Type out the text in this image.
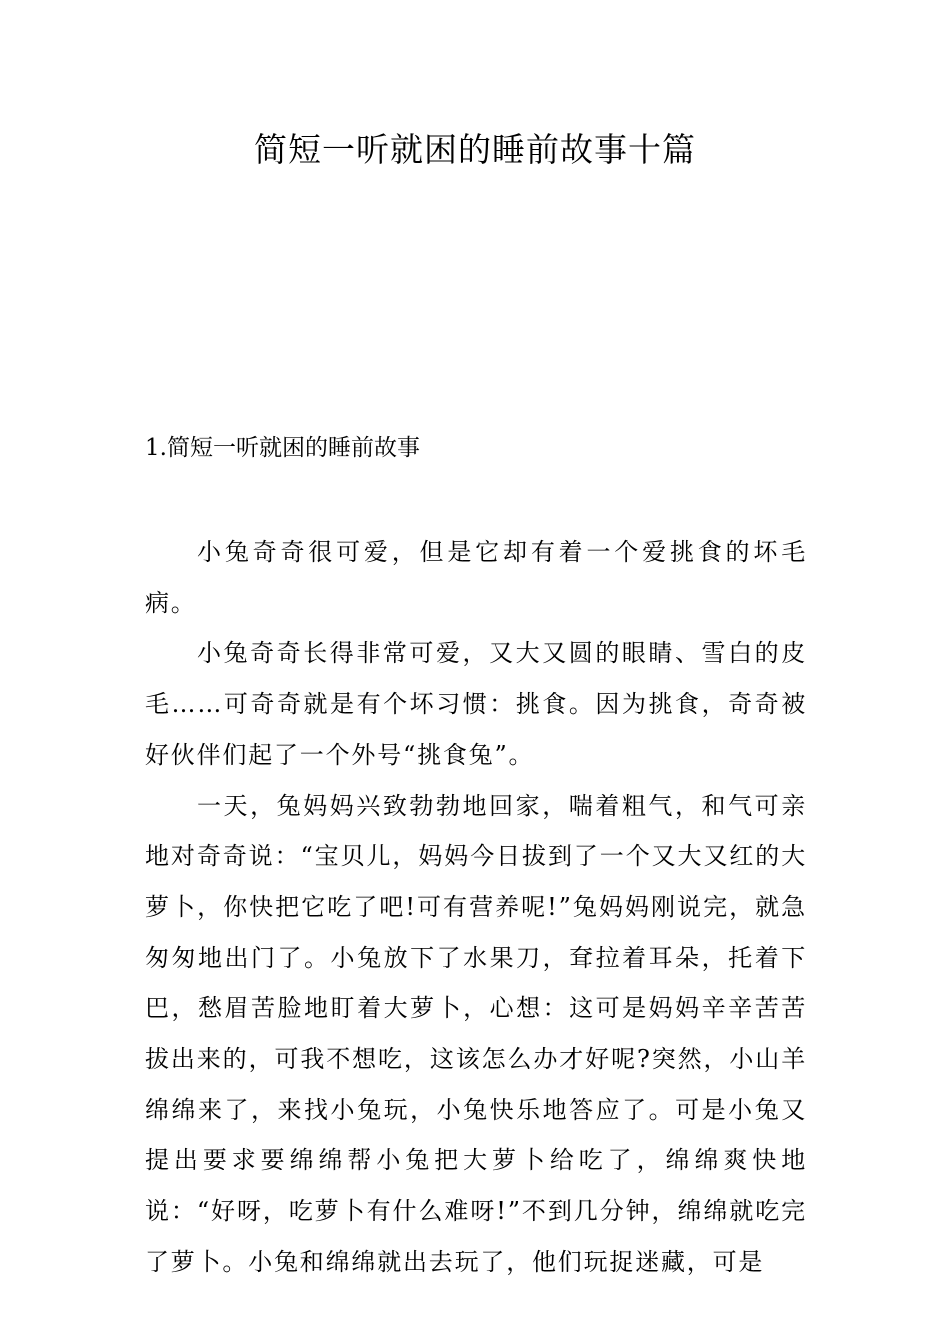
简短一听就困的睡前故事十篇
1.简短一听就困的睡前故事

小兔奇奇很可爱，但是它却有着一个爱挑食的坏毛病。

小兔奇奇长得非常可爱，又大又圆的眼睛、雪白的皮毛……可奇奇就是有个坏习惯：挑食。因为挑食，奇奇被好伙伴们起了一个外号“挑食兔”。

一天，兔妈妈兴致勃勃地回家，喘着粗气，和气可亲地对奇奇说：“宝贝儿，妈妈今日拔到了一个又大又红的大萝卜，你快把它吃了吧!可有营养呢!”兔妈妈刚说完，就急匆匆地出门了。小兔放下了水果刀，耷拉着耳朵，托着下巴，愁眉苦脸地盯着大萝卜，心想：这可是妈妈辛辛苦苦拔出来的，可我不想吃，这该怎么办才好呢?突然，小山羊绵绵来了，来找小兔玩，小兔快乐地答应了。可是小兔又提出要求要绵绵帮小兔把大萝卜给吃了，绵绵爽快地说：“好呀，吃萝卜有什么难呀!”不到几分钟，绵绵就吃完了萝卜。小兔和绵绵就出去玩了，他们玩捉迷藏，可是
